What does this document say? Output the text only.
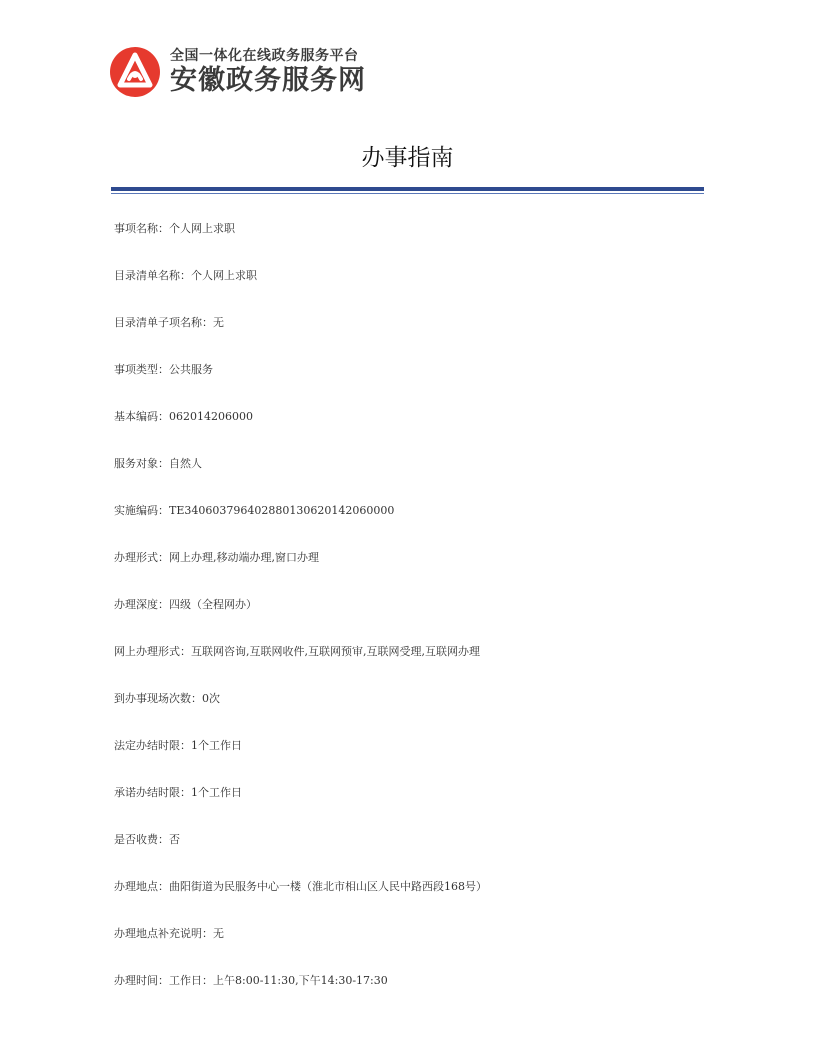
全国一体化在线政务服务平台
安徽政务服务网
办事指南
事项名称：个人网上求职
目录清单名称：个人网上求职
目录清单子项名称：无
事项类型：公共服务
基本编码：062014206000
服务对象：自然人
实施编码：TE340603796402880130620142060000
办理形式：网上办理,移动端办理,窗口办理
办理深度：四级（全程网办）
网上办理形式：互联网咨询,互联网收件,互联网预审,互联网受理,互联网办理
到办事现场次数：0次
法定办结时限：1个工作日
承诺办结时限：1个工作日
是否收费：否
办理地点：曲阳街道为民服务中心一楼（淮北市相山区人民中路西段168号）
办理地点补充说明：无
办理时间：工作日：上午8:00-11:30,下午14:30-17:30
